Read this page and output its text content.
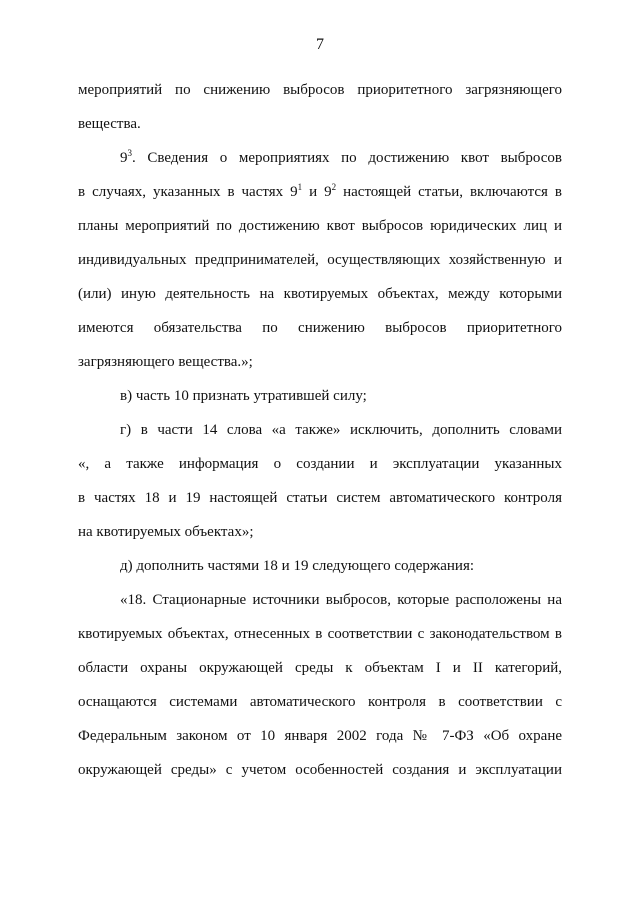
7
мероприятий по снижению выбросов приоритетного загрязняющего
вещества.
$9^3$. Сведения о мероприятиях по достижению квот выбросов
в случаях, указанных в частях $9^1$ и $9^2$ настоящей статьи, включаются в
планы мероприятий по достижению квот выбросов юридических лиц и
индивидуальных предпринимателей, осуществляющих хозяйственную и
(или) иную деятельность на квотируемых объектах, между которыми
имеются обязательства по снижению выбросов приоритетного
загрязняющего вещества.»;
в) часть 10 признать утратившей силу;
г) в части 14 слова «а также» исключить, дополнить словами
«, а также информация о создании и эксплуатации указанных
в частях 18 и 19 настоящей статьи систем автоматического контроля
на квотируемых объектах»;
д) дополнить частями 18 и 19 следующего содержания:
«18. Стационарные источники выбросов, которые расположены на
квотируемых объектах, отнесенных в соответствии с законодательством в
области охраны окружающей среды к объектам I и II категорий,
оснащаются системами автоматического контроля в соответствии с
Федеральным законом от 10 января 2002 года № 7-ФЗ «Об охране
окружающей среды» с учетом особенностей создания и эксплуатации
